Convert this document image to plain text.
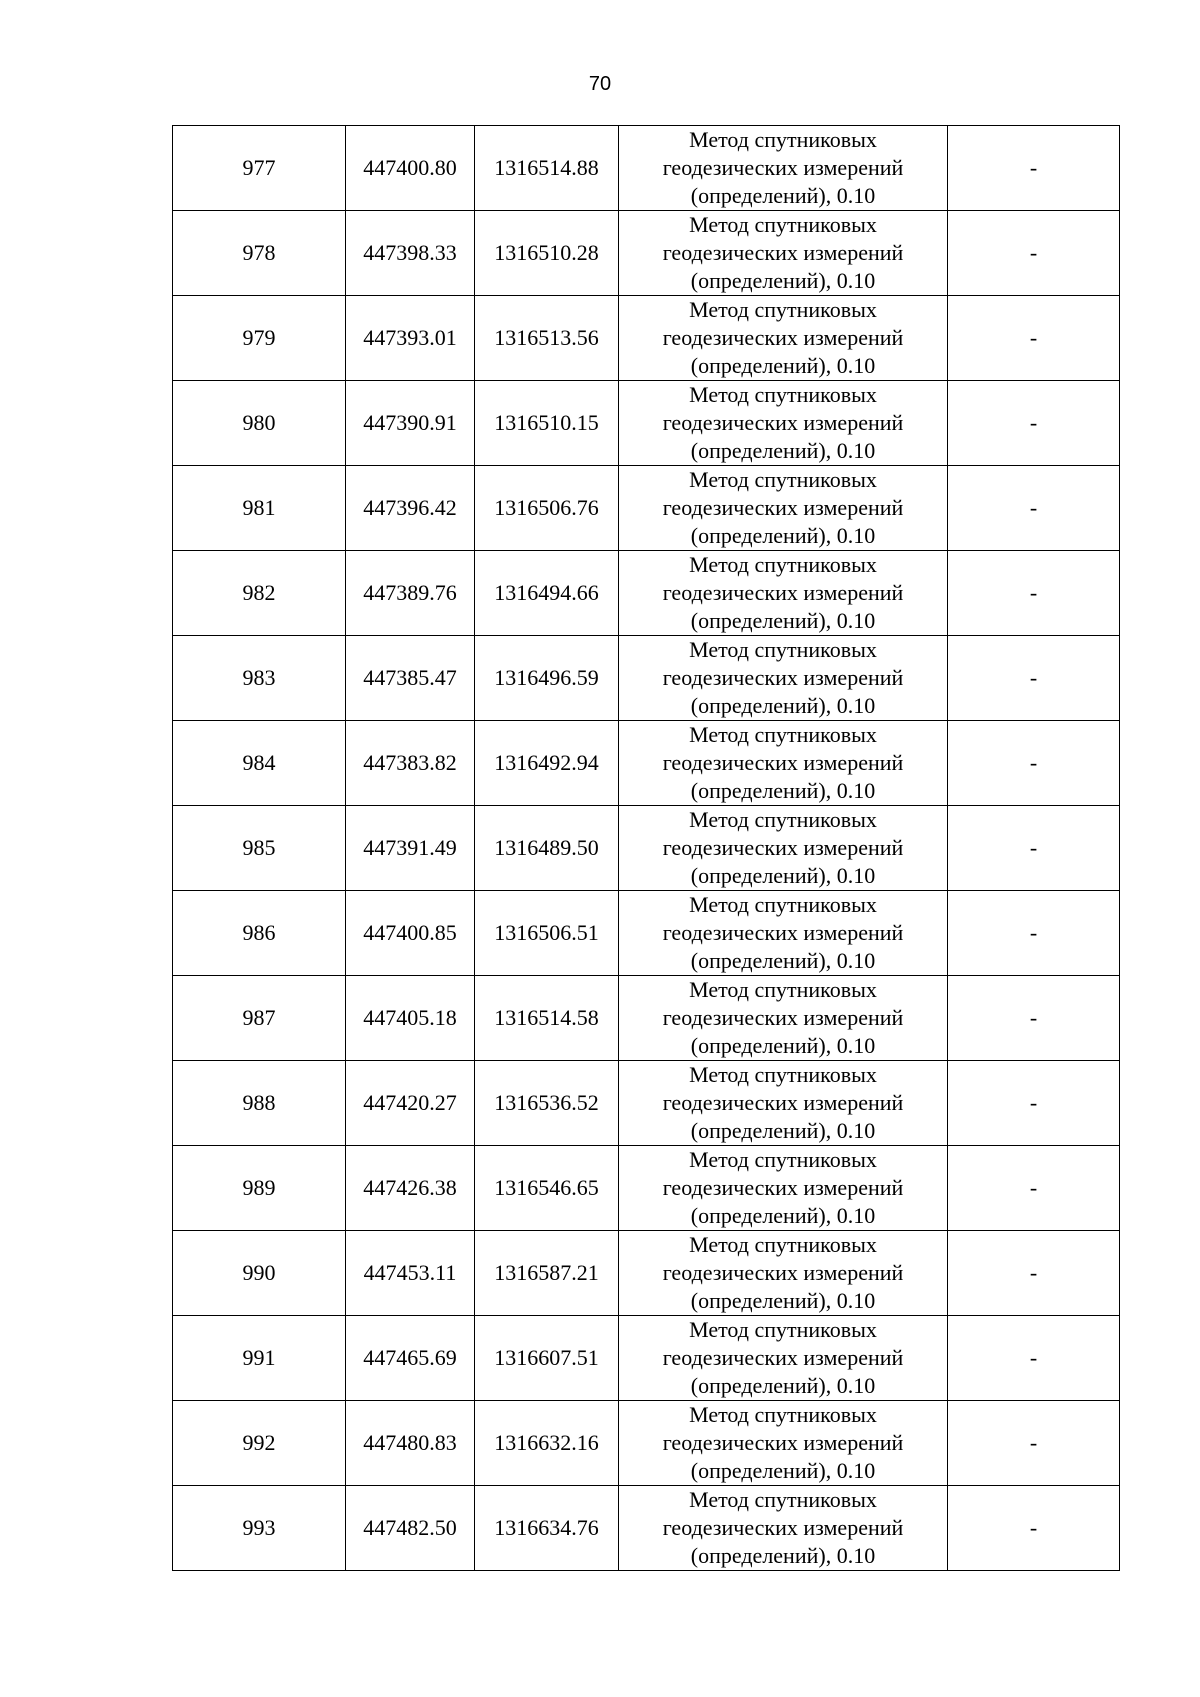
70
977	447400.80	1316514.88	Метод спутниковых
геодезических измерений
(определений), 0.10	-
978	447398.33	1316510.28	Метод спутниковых
геодезических измерений
(определений), 0.10	-
979	447393.01	1316513.56	Метод спутниковых
геодезических измерений
(определений), 0.10	-
980	447390.91	1316510.15	Метод спутниковых
геодезических измерений
(определений), 0.10	-
981	447396.42	1316506.76	Метод спутниковых
геодезических измерений
(определений), 0.10	-
982	447389.76	1316494.66	Метод спутниковых
геодезических измерений
(определений), 0.10	-
983	447385.47	1316496.59	Метод спутниковых
геодезических измерений
(определений), 0.10	-
984	447383.82	1316492.94	Метод спутниковых
геодезических измерений
(определений), 0.10	-
985	447391.49	1316489.50	Метод спутниковых
геодезических измерений
(определений), 0.10	-
986	447400.85	1316506.51	Метод спутниковых
геодезических измерений
(определений), 0.10	-
987	447405.18	1316514.58	Метод спутниковых
геодезических измерений
(определений), 0.10	-
988	447420.27	1316536.52	Метод спутниковых
геодезических измерений
(определений), 0.10	-
989	447426.38	1316546.65	Метод спутниковых
геодезических измерений
(определений), 0.10	-
990	447453.11	1316587.21	Метод спутниковых
геодезических измерений
(определений), 0.10	-
991	447465.69	1316607.51	Метод спутниковых
геодезических измерений
(определений), 0.10	-
992	447480.83	1316632.16	Метод спутниковых
геодезических измерений
(определений), 0.10	-
993	447482.50	1316634.76	Метод спутниковых
геодезических измерений
(определений), 0.10	-
